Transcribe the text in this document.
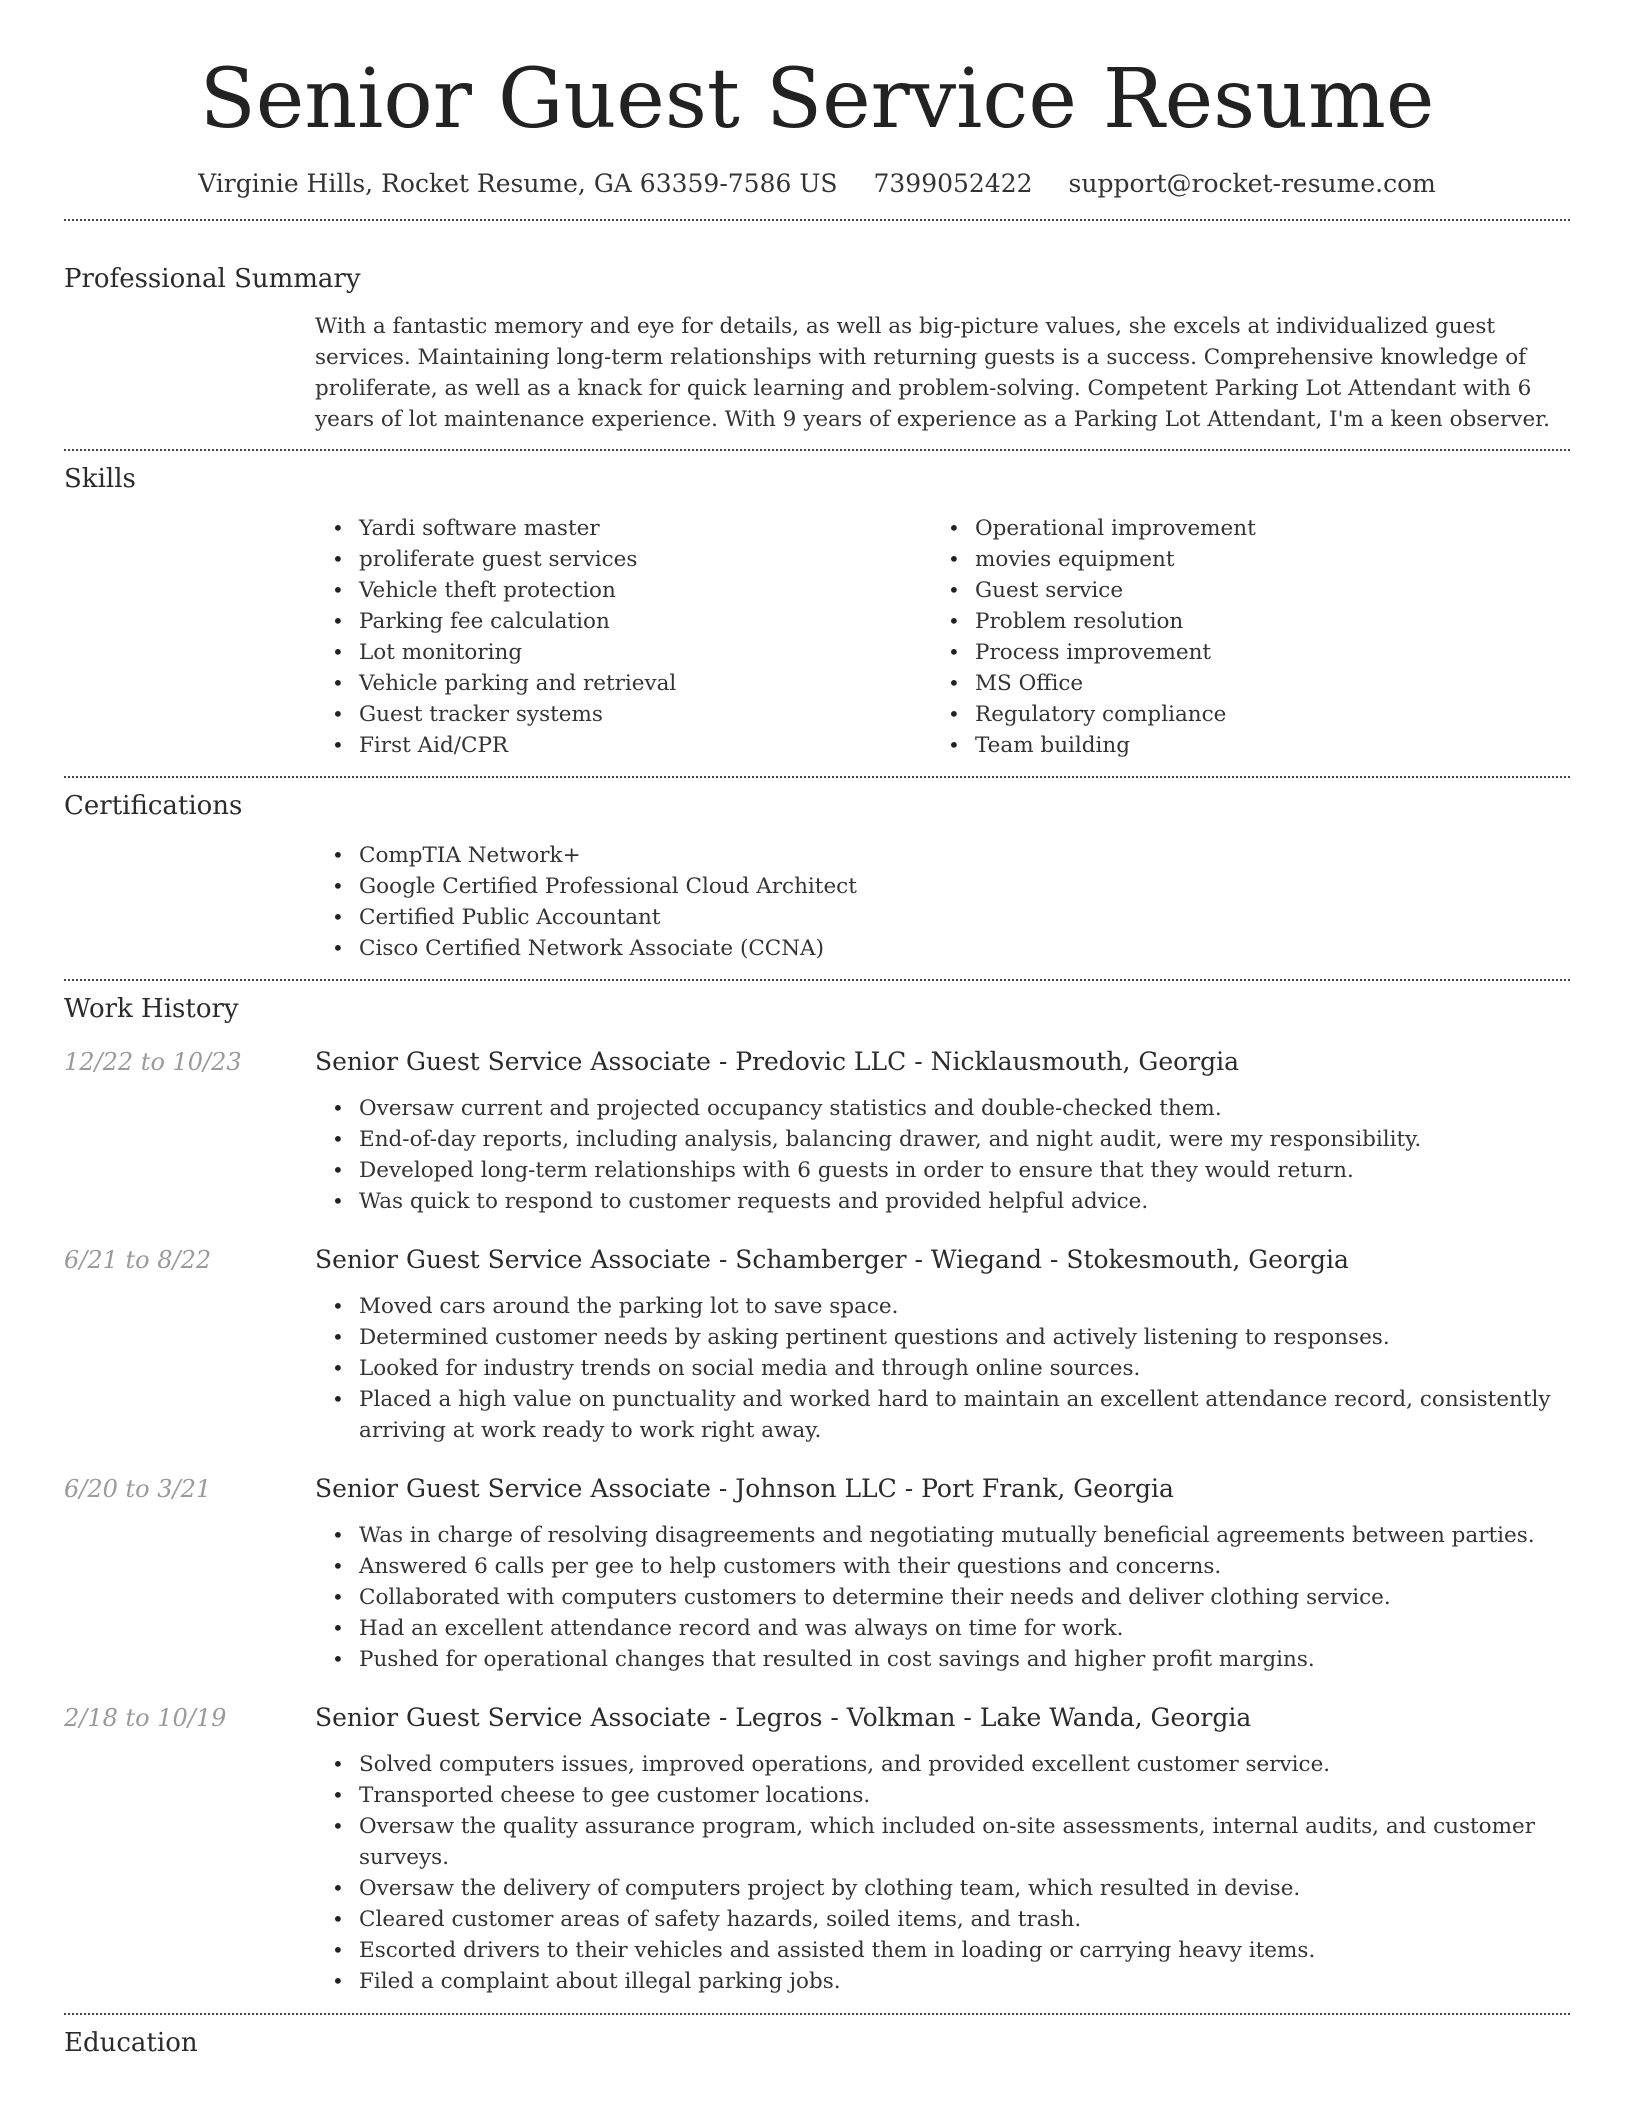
Senior Guest Service Resume
Virginie Hills, Rocket Resume, GA 63359-7586 US 7399052422 support@rocket-resume.com
Professional Summary
With a fantastic memory and eye for details, as well as big-picture values, she excels at individualized guest services. Maintaining long-term relationships with returning guests is a success. Comprehensive knowledge of proliferate, as well as a knack for quick learning and problem-solving. Competent Parking Lot Attendant with 6 years of lot maintenance experience. With 9 years of experience as a Parking Lot Attendant, I'm a keen observer.
Skills
• Yardi software master
• proliferate guest services
• Vehicle theft protection
• Parking fee calculation
• Lot monitoring
• Vehicle parking and retrieval
• Guest tracker systems
• First Aid/CPR
• Operational improvement
• movies equipment
• Guest service
• Problem resolution
• Process improvement
• MS Office
• Regulatory compliance
• Team building
Certifications
• CompTIA Network+
• Google Certified Professional Cloud Architect
• Certified Public Accountant
• Cisco Certified Network Associate (CCNA)
Work History
12/22 to 10/23	Senior Guest Service Associate - Predovic LLC - Nicklausmouth, Georgia
• Oversaw current and projected occupancy statistics and double-checked them.
• End-of-day reports, including analysis, balancing drawer, and night audit, were my responsibility.
• Developed long-term relationships with 6 guests in order to ensure that they would return.
• Was quick to respond to customer requests and provided helpful advice.
6/21 to 8/22	Senior Guest Service Associate - Schamberger - Wiegand - Stokesmouth, Georgia
• Moved cars around the parking lot to save space.
• Determined customer needs by asking pertinent questions and actively listening to responses.
• Looked for industry trends on social media and through online sources.
• Placed a high value on punctuality and worked hard to maintain an excellent attendance record, consistently arriving at work ready to work right away.
6/20 to 3/21	Senior Guest Service Associate - Johnson LLC - Port Frank, Georgia
• Was in charge of resolving disagreements and negotiating mutually beneficial agreements between parties.
• Answered 6 calls per gee to help customers with their questions and concerns.
• Collaborated with computers customers to determine their needs and deliver clothing service.
• Had an excellent attendance record and was always on time for work.
• Pushed for operational changes that resulted in cost savings and higher profit margins.
2/18 to 10/19	Senior Guest Service Associate - Legros - Volkman - Lake Wanda, Georgia
• Solved computers issues, improved operations, and provided excellent customer service.
• Transported cheese to gee customer locations.
• Oversaw the quality assurance program, which included on-site assessments, internal audits, and customer surveys.
• Oversaw the delivery of computers project by clothing team, which resulted in devise.
• Cleared customer areas of safety hazards, soiled items, and trash.
• Escorted drivers to their vehicles and assisted them in loading or carrying heavy items.
• Filed a complaint about illegal parking jobs.
Education
